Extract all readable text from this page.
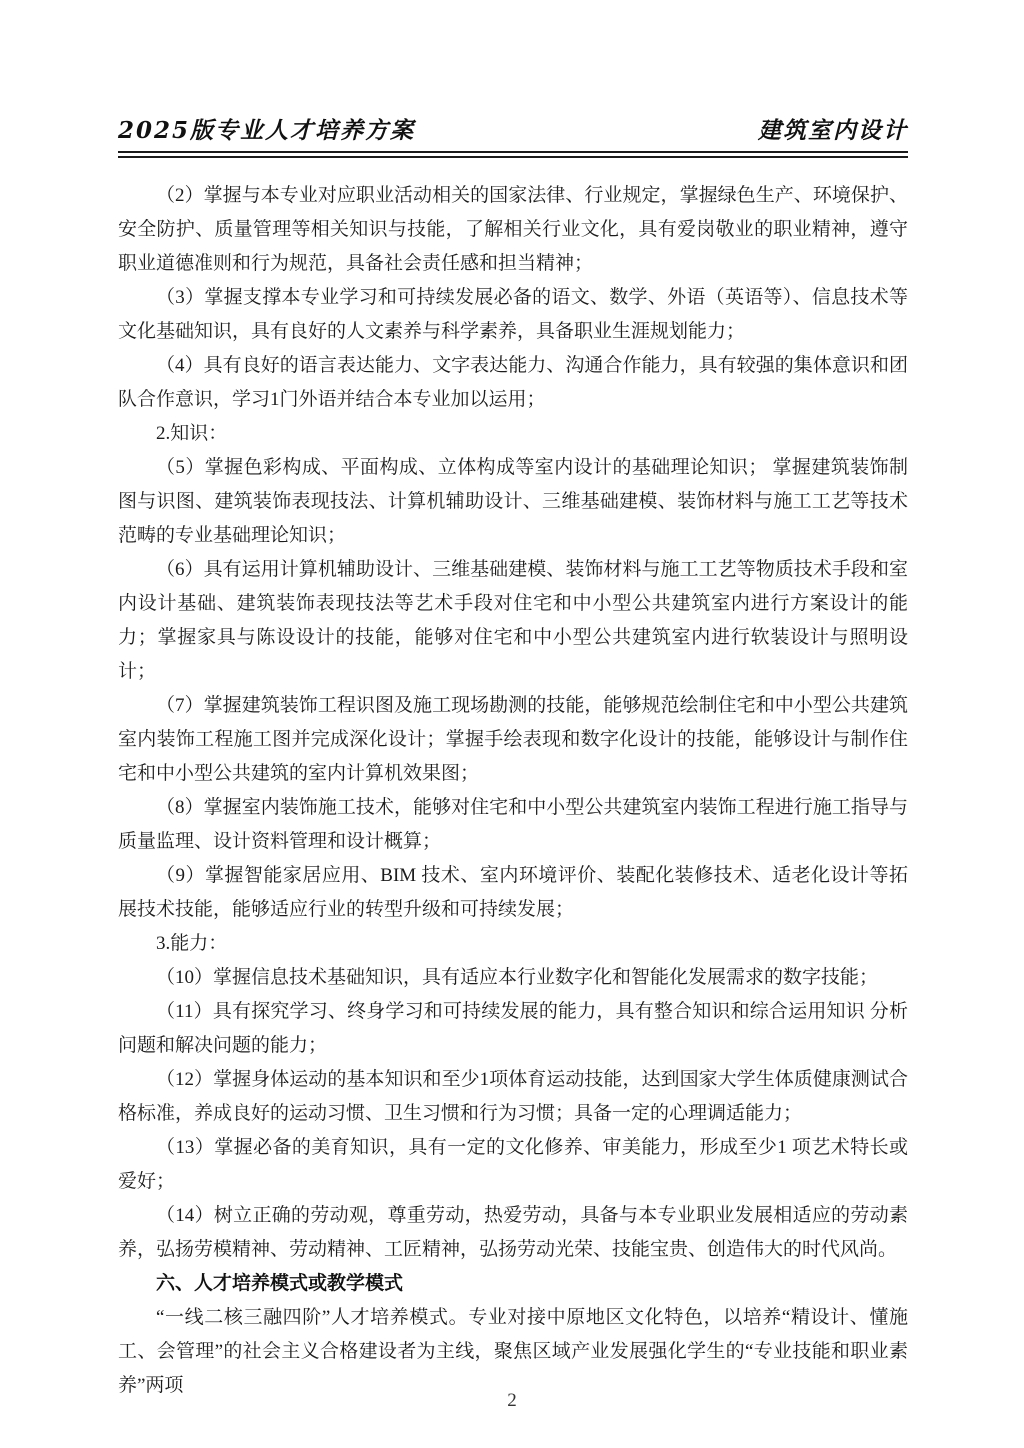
2025版专业人才培养方案	建筑室内设计

（2）掌握与本专业对应职业活动相关的国家法律、行业规定，掌握绿色生产、环境保护、安全防护、质量管理等相关知识与技能，了解相关行业文化，具有爱岗敬业的职业精神，遵守职业道德准则和行为规范，具备社会责任感和担当精神；

（3）掌握支撑本专业学习和可持续发展必备的语文、数学、外语（英语等）、信息技术等文化基础知识，具有良好的人文素养与科学素养，具备职业生涯规划能力；

（4）具有良好的语言表达能力、文字表达能力、沟通合作能力，具有较强的集体意识和团队合作意识，学习1门外语并结合本专业加以运用；

2.知识：

（5）掌握色彩构成、平面构成、立体构成等室内设计的基础理论知识； 掌握建筑装饰制图与识图、建筑装饰表现技法、计算机辅助设计、三维基础建模、装饰材料与施工工艺等技术范畴的专业基础理论知识；

（6）具有运用计算机辅助设计、三维基础建模、装饰材料与施工工艺等物质技术手段和室内设计基础、建筑装饰表现技法等艺术手段对住宅和中小型公共建筑室内进行方案设计的能力；掌握家具与陈设设计的技能，能够对住宅和中小型公共建筑室内进行软装设计与照明设计；

（7）掌握建筑装饰工程识图及施工现场勘测的技能，能够规范绘制住宅和中小型公共建筑室内装饰工程施工图并完成深化设计；掌握手绘表现和数字化设计的技能，能够设计与制作住宅和中小型公共建筑的室内计算机效果图；

（8）掌握室内装饰施工技术，能够对住宅和中小型公共建筑室内装饰工程进行施工指导与质量监理、设计资料管理和设计概算；

（9）掌握智能家居应用、BIM 技术、室内环境评价、装配化装修技术、适老化设计等拓展技术技能，能够适应行业的转型升级和可持续发展；

3.能力：

（10）掌握信息技术基础知识，具有适应本行业数字化和智能化发展需求的数字技能；

（11）具有探究学习、终身学习和可持续发展的能力，具有整合知识和综合运用知识 分析问题和解决问题的能力；

（12）掌握身体运动的基本知识和至少1项体育运动技能，达到国家大学生体质健康测试合格标准，养成良好的运动习惯、卫生习惯和行为习惯；具备一定的心理调适能力；

（13）掌握必备的美育知识，具有一定的文化修养、审美能力，形成至少1 项艺术特长或爱好；

（14）树立正确的劳动观，尊重劳动，热爱劳动，具备与本专业职业发展相适应的劳动素养，弘扬劳模精神、劳动精神、工匠精神，弘扬劳动光荣、技能宝贵、创造伟大的时代风尚。

六、人才培养模式或教学模式

“一线二核三融四阶”人才培养模式。专业对接中原地区文化特色，以培养“精设计、懂施工、会管理”的社会主义合格建设者为主线，聚焦区域产业发展强化学生的“专业技能和职业素养”两项

2
